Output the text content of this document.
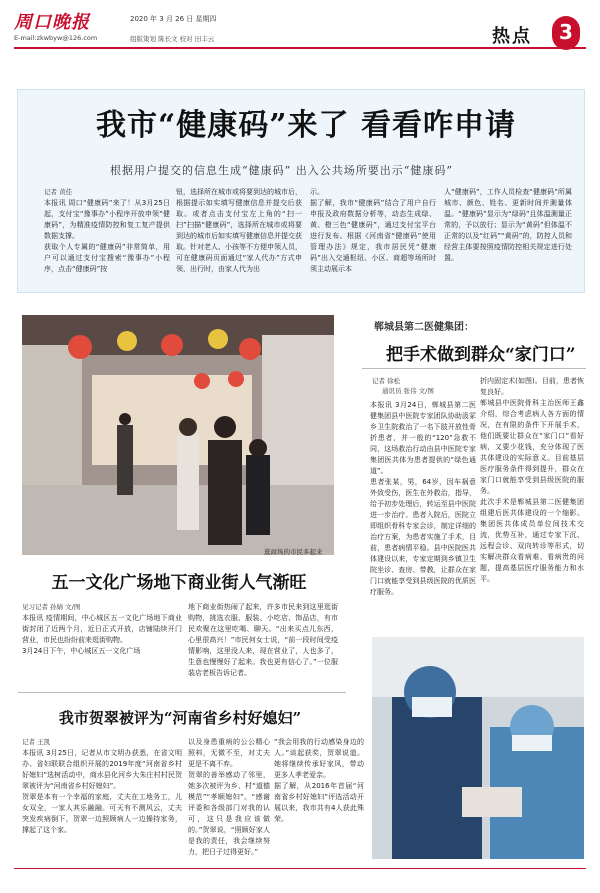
周口晚报	2020 年 3 月 26 日 星期四
E-mail:zkwbyw@126.com	组版策划 陈长文 校对 田丰云	热点	3
我市“健康码”来了 看看咋申请
根据用户提交的信息生成“健康码” 出入公共场所要出示“健康码”
记者 黄佳
本报讯 周口“健康码”来了！从3月25日起，支付宝“豫事办”小程序开放申领“健康码”，为精准疫情防控和复工复产提供数据支撑。
获取个人专属的“健康码”非常简单，用户可以通过支付宝搜索“豫事办”小程序，点击“健康码”按
钮，选择所在城市或将要到达的城市后，根据提示如实填写健康信息并提交后获取。或者点击支付宝左上角的“扫一扫”扫描“健康码”，选择所在城市或将要到达的城市后如实填写健康信息并提交获取。针对老人、小孩等不方便申领人员，可在健康码页面通过“家人代办”方式申领，出行时，由家人代为出
示。
据了解，我市“健康码”结合了用户自行申报及政府数据分析等，动态生成绿、黄、橙三色“健康码”，通过支付宝平台进行发布。根据《河南省“健康码”使用管理办法》规定，我市居民凭“健康码”出入交通枢纽、小区、商超等场所时须主动展示本
人“健康码”，工作人员检查“健康码”所属城市、颜色、姓名、更新时间并測量体温。“健康码”显示为“绿码”且体温測量正常的，予以放行；显示为“黄码”但体温不正常的以及“红码”“黄码”的，防控人员和经营主体要按照疫情防控相关规定进行处置。
逛商场的市民多起来
五一文化广场地下商业街人气渐旺
见习记者 孙婧 文/图
本报讯 疫情期间，中心城区五一文化广场地下商业街封闭了近两个月，近日正式开放，店铺陆续开门营业，市民也纷纷前来逛街购物。
3月24日下午，中心城区五一文化广场
地下商业街热闹了起来，许多市民来到这里逛街购物，挑选衣服、服装、小吃店、饰品店，有市民欢聚在这里吃喝、聊天。“出来买点儿东西，心里很高兴！”市民何女士说，“前一段时间受疫情影响，这里没人来，现在营业了，人也多了，生意也慢慢好了起来。我也更有信心了。”一位服装店老板告诉记者。
郸城县第二医健集团：
把手术做到群众“家门口”
记者 徐松
通讯员 张伟 文/图
本报讯 3月24日，郸城县第二医健集团县中医院专家团队协助汲冢乡卫生院救治了一名下肢开放性骨折患者，并一般的“120”急救不同，这场救治行动由县中医院专家集团医共体为患者提供的“绿色通道”。
患者张某，男，64岁，因车祸意外致受伤，医生在外救治，指导，给予初步处理后，转运至县中医院进一步治疗。患者入院后，医院立即组织骨科专家会诊，制定详细的治疗方案，为患者实施了手术，目前，患者病情平稳。县中医院医共体建设以来，专家定期到乡镇卫生院坐诊、查房、带教，让群众在家门口就能享受到县级医院的优质医疗服务。
折内固定术(如图)。目前，患者恢复良好。
郸城县中医院骨科主治医师王鑫介绍，综合考虑病人各方面的情况，在有限的条件下开展手术，他们既要让群众在“家门口”看好病，又要少花钱，充分体现了医共体建设的实际意义。目前基层医疗服务条件得到提升，群众在家门口就能享受到县级医院的服务。
此次手术是郸城县第二医健集团组建后医共体建设的一个缩影。集团医共体成员单位间技术交流，优势互补，通过专家下沉、远程会诊、双向转诊等形式，切实解决群众看病难、看病贵的问题，提高基层医疗服务能力和水平。
我市贺翠被评为“河南省乡村好媳妇”
记者 王凯
本报讯 3月25日，记者从市文明办获悉，在省文明办、省妇联联合组织开展的2019年度“河南省乡村好媳妇”选树活动中，商水县化河乡大朱庄村村民贺翠被评为“河南省乡村好媳妇”。
贺翠是本有一个幸福的家庭，丈夫在工地务工，儿女双全，一家人其乐融融。可天有不测风云，丈夫突发疾病倒下，贺翠一边照顾病人一边操持家务，撑起了这个家。
以及身患重病的公公精心照料，无微不至，对丈夫更是不离不弃。
贺翠的善举感动了邻里，她多次被评为乡、村“道德模范”“孝顺媳妇”。“感谢评委和各级部门对我的认可，这只是我应该做的。”贺翠说，“照顾好家人是我的责任，我会继续努力，把日子过得更好。”
“我会用我的行动感染身边的人。”谈起获奖，贺翠说道。她将继续传承好家风，带动更多人孝老爱亲。
据了解，从2016年首届“河南省乡村好媳妇”评选活动开展以来，我市共有4人获此殊荣。
